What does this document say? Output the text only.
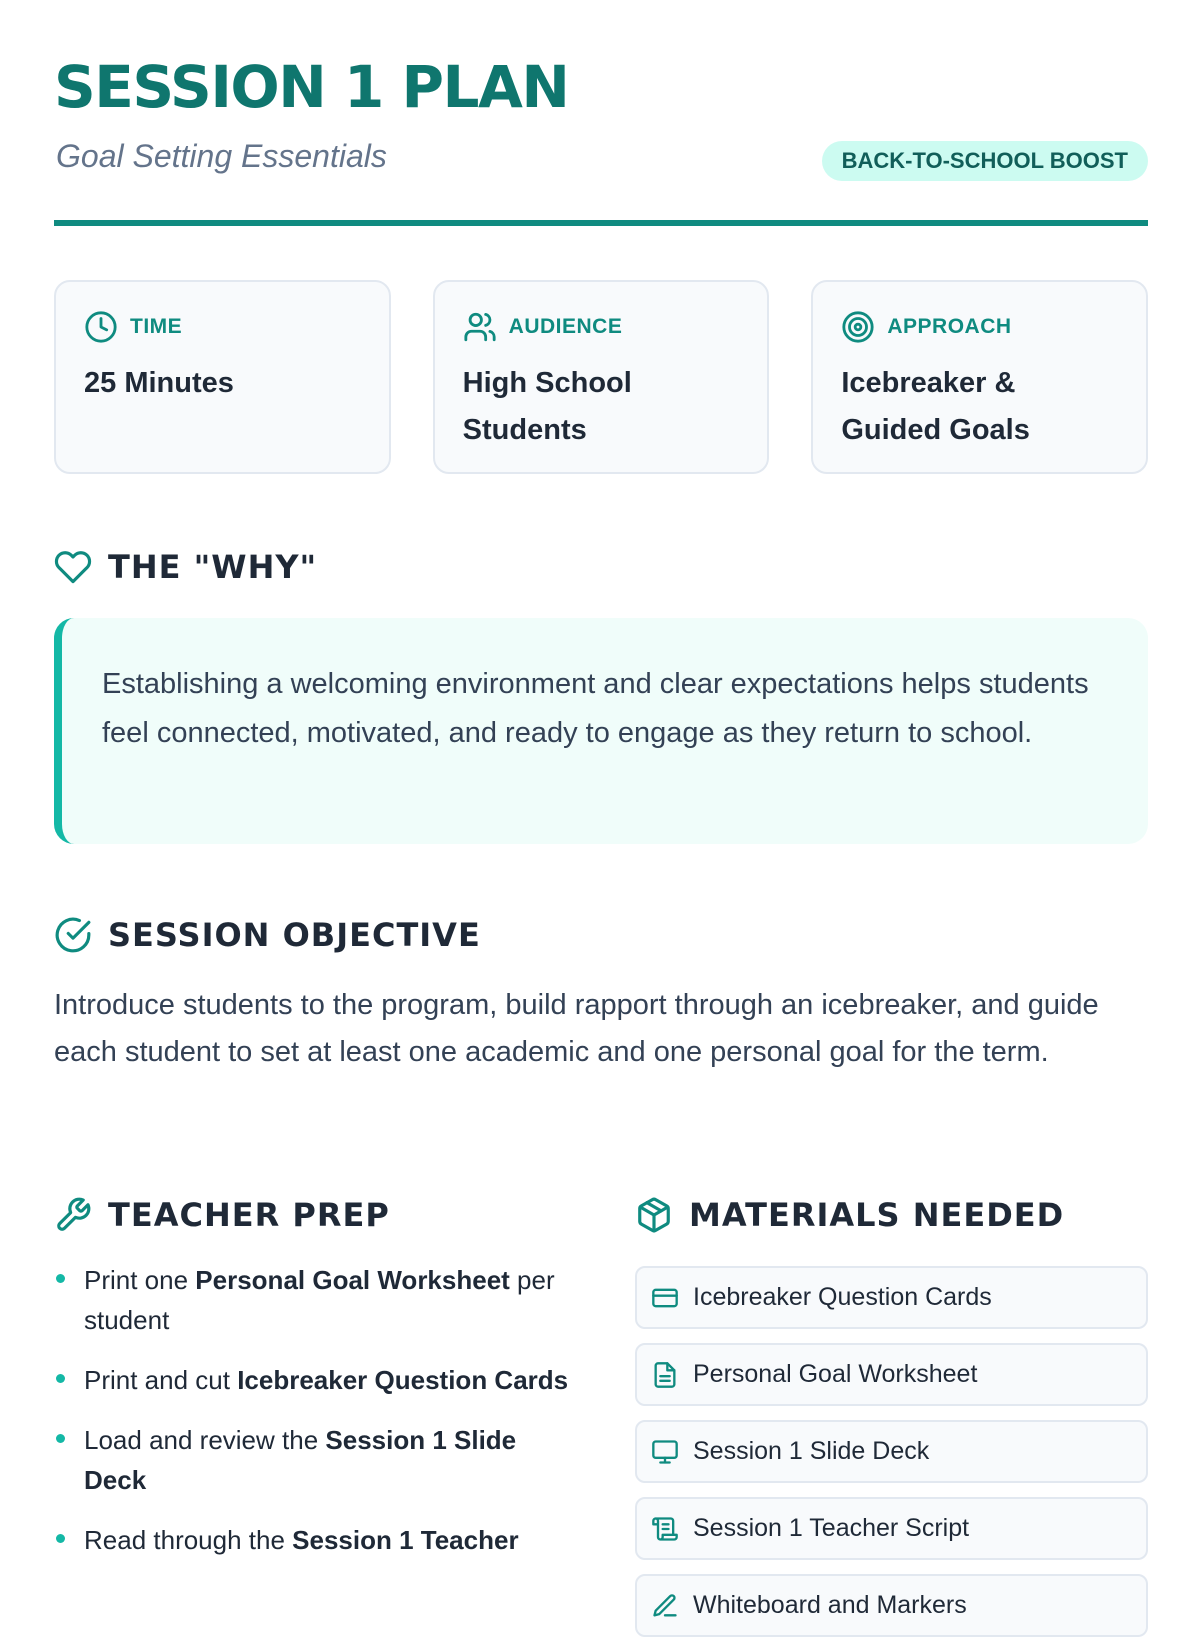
SESSION 1 PLAN
Goal Setting Essentials	BACK-TO-SCHOOL BOOST
TIME
25 Minutes
AUDIENCE
High School Students
APPROACH
Icebreaker & Guided Goals
THE "WHY"
Establishing a welcoming environment and clear expectations helps students feel connected, motivated, and ready to engage as they return to school.
SESSION OBJECTIVE

Introduce students to the program, build rapport through an icebreaker, and guide each student to set at least one academic and one personal goal for the term.

TEACHER PREP
Print one Personal Goal Worksheet per student
Print and cut Icebreaker Question Cards
Load and review the Session 1 Slide Deck
Read through the Session 1 Teacher
MATERIALS NEEDED
Icebreaker Question Cards
Personal Goal Worksheet
Session 1 Slide Deck
Session 1 Teacher Script
Whiteboard and Markers
